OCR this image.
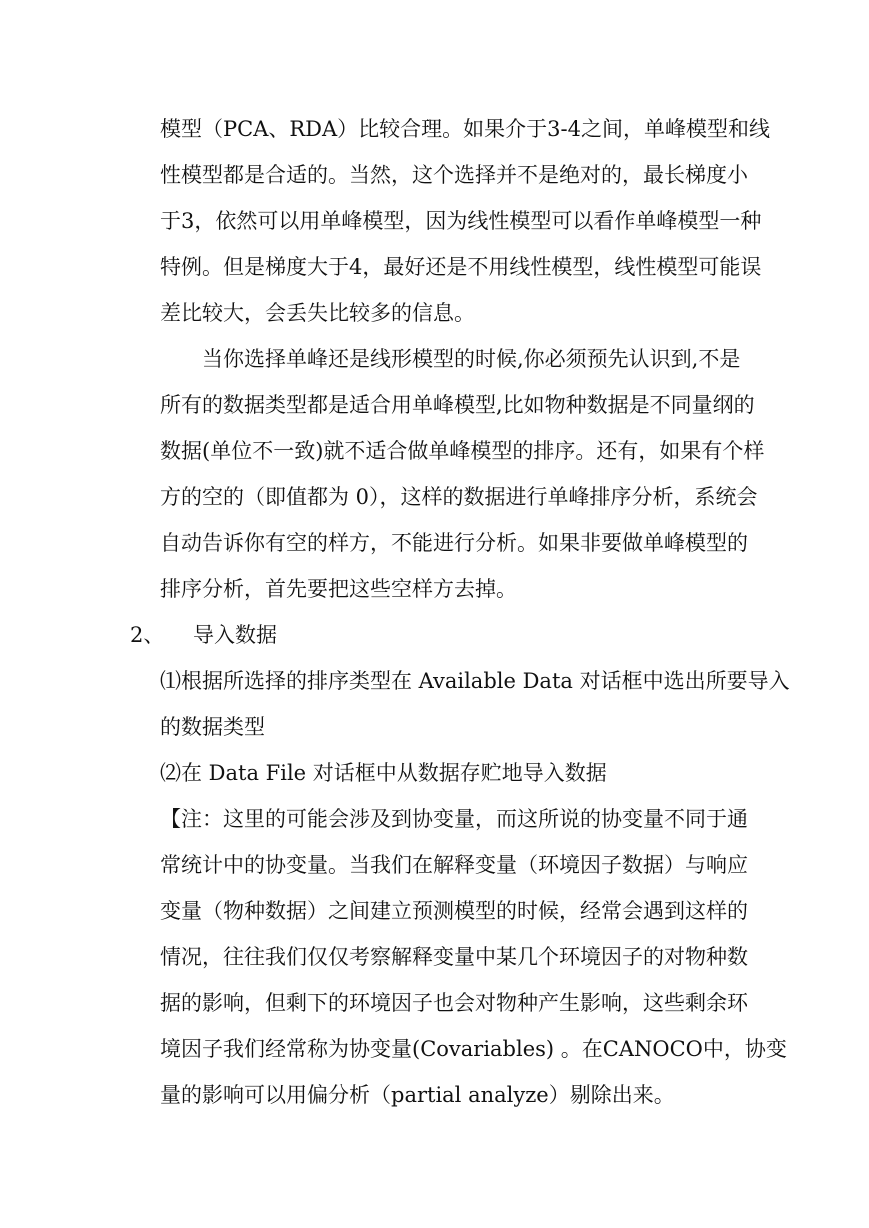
模型（PCA、RDA）比较合理。如果介于3-4之间，单峰模型和线
性模型都是合适的。当然，这个选择并不是绝对的，最长梯度小
于3，依然可以用单峰模型，因为线性模型可以看作单峰模型一种
特例。但是梯度大于4，最好还是不用线性模型，线性模型可能误
差比较大，会丢失比较多的信息。
当你选择单峰还是线形模型的时候,你必须预先认识到,不是
所有的数据类型都是适合用单峰模型,比如物种数据是不同量纲的
数据(单位不一致)就不适合做单峰模型的排序。还有，如果有个样
方的空的（即值都为 0），这样的数据进行单峰排序分析，系统会
自动告诉你有空的样方，不能进行分析。如果非要做单峰模型的
排序分析，首先要把这些空样方去掉。
2、 导入数据
⑴根据所选择的排序类型在 Available Data 对话框中选出所要导入
的数据类型
⑵在 Data File 对话框中从数据存贮地导入数据
【注：这里的可能会涉及到协变量，而这所说的协变量不同于通
常统计中的协变量。当我们在解释变量（环境因子数据）与响应
变量（物种数据）之间建立预测模型的时候，经常会遇到这样的
情况，往往我们仅仅考察解释变量中某几个环境因子的对物种数
据的影响，但剩下的环境因子也会对物种产生影响，这些剩余环
境因子我们经常称为协变量(Covariables) 。在CANOCO中，协变
量的影响可以用偏分析（partial analyze）剔除出来。
